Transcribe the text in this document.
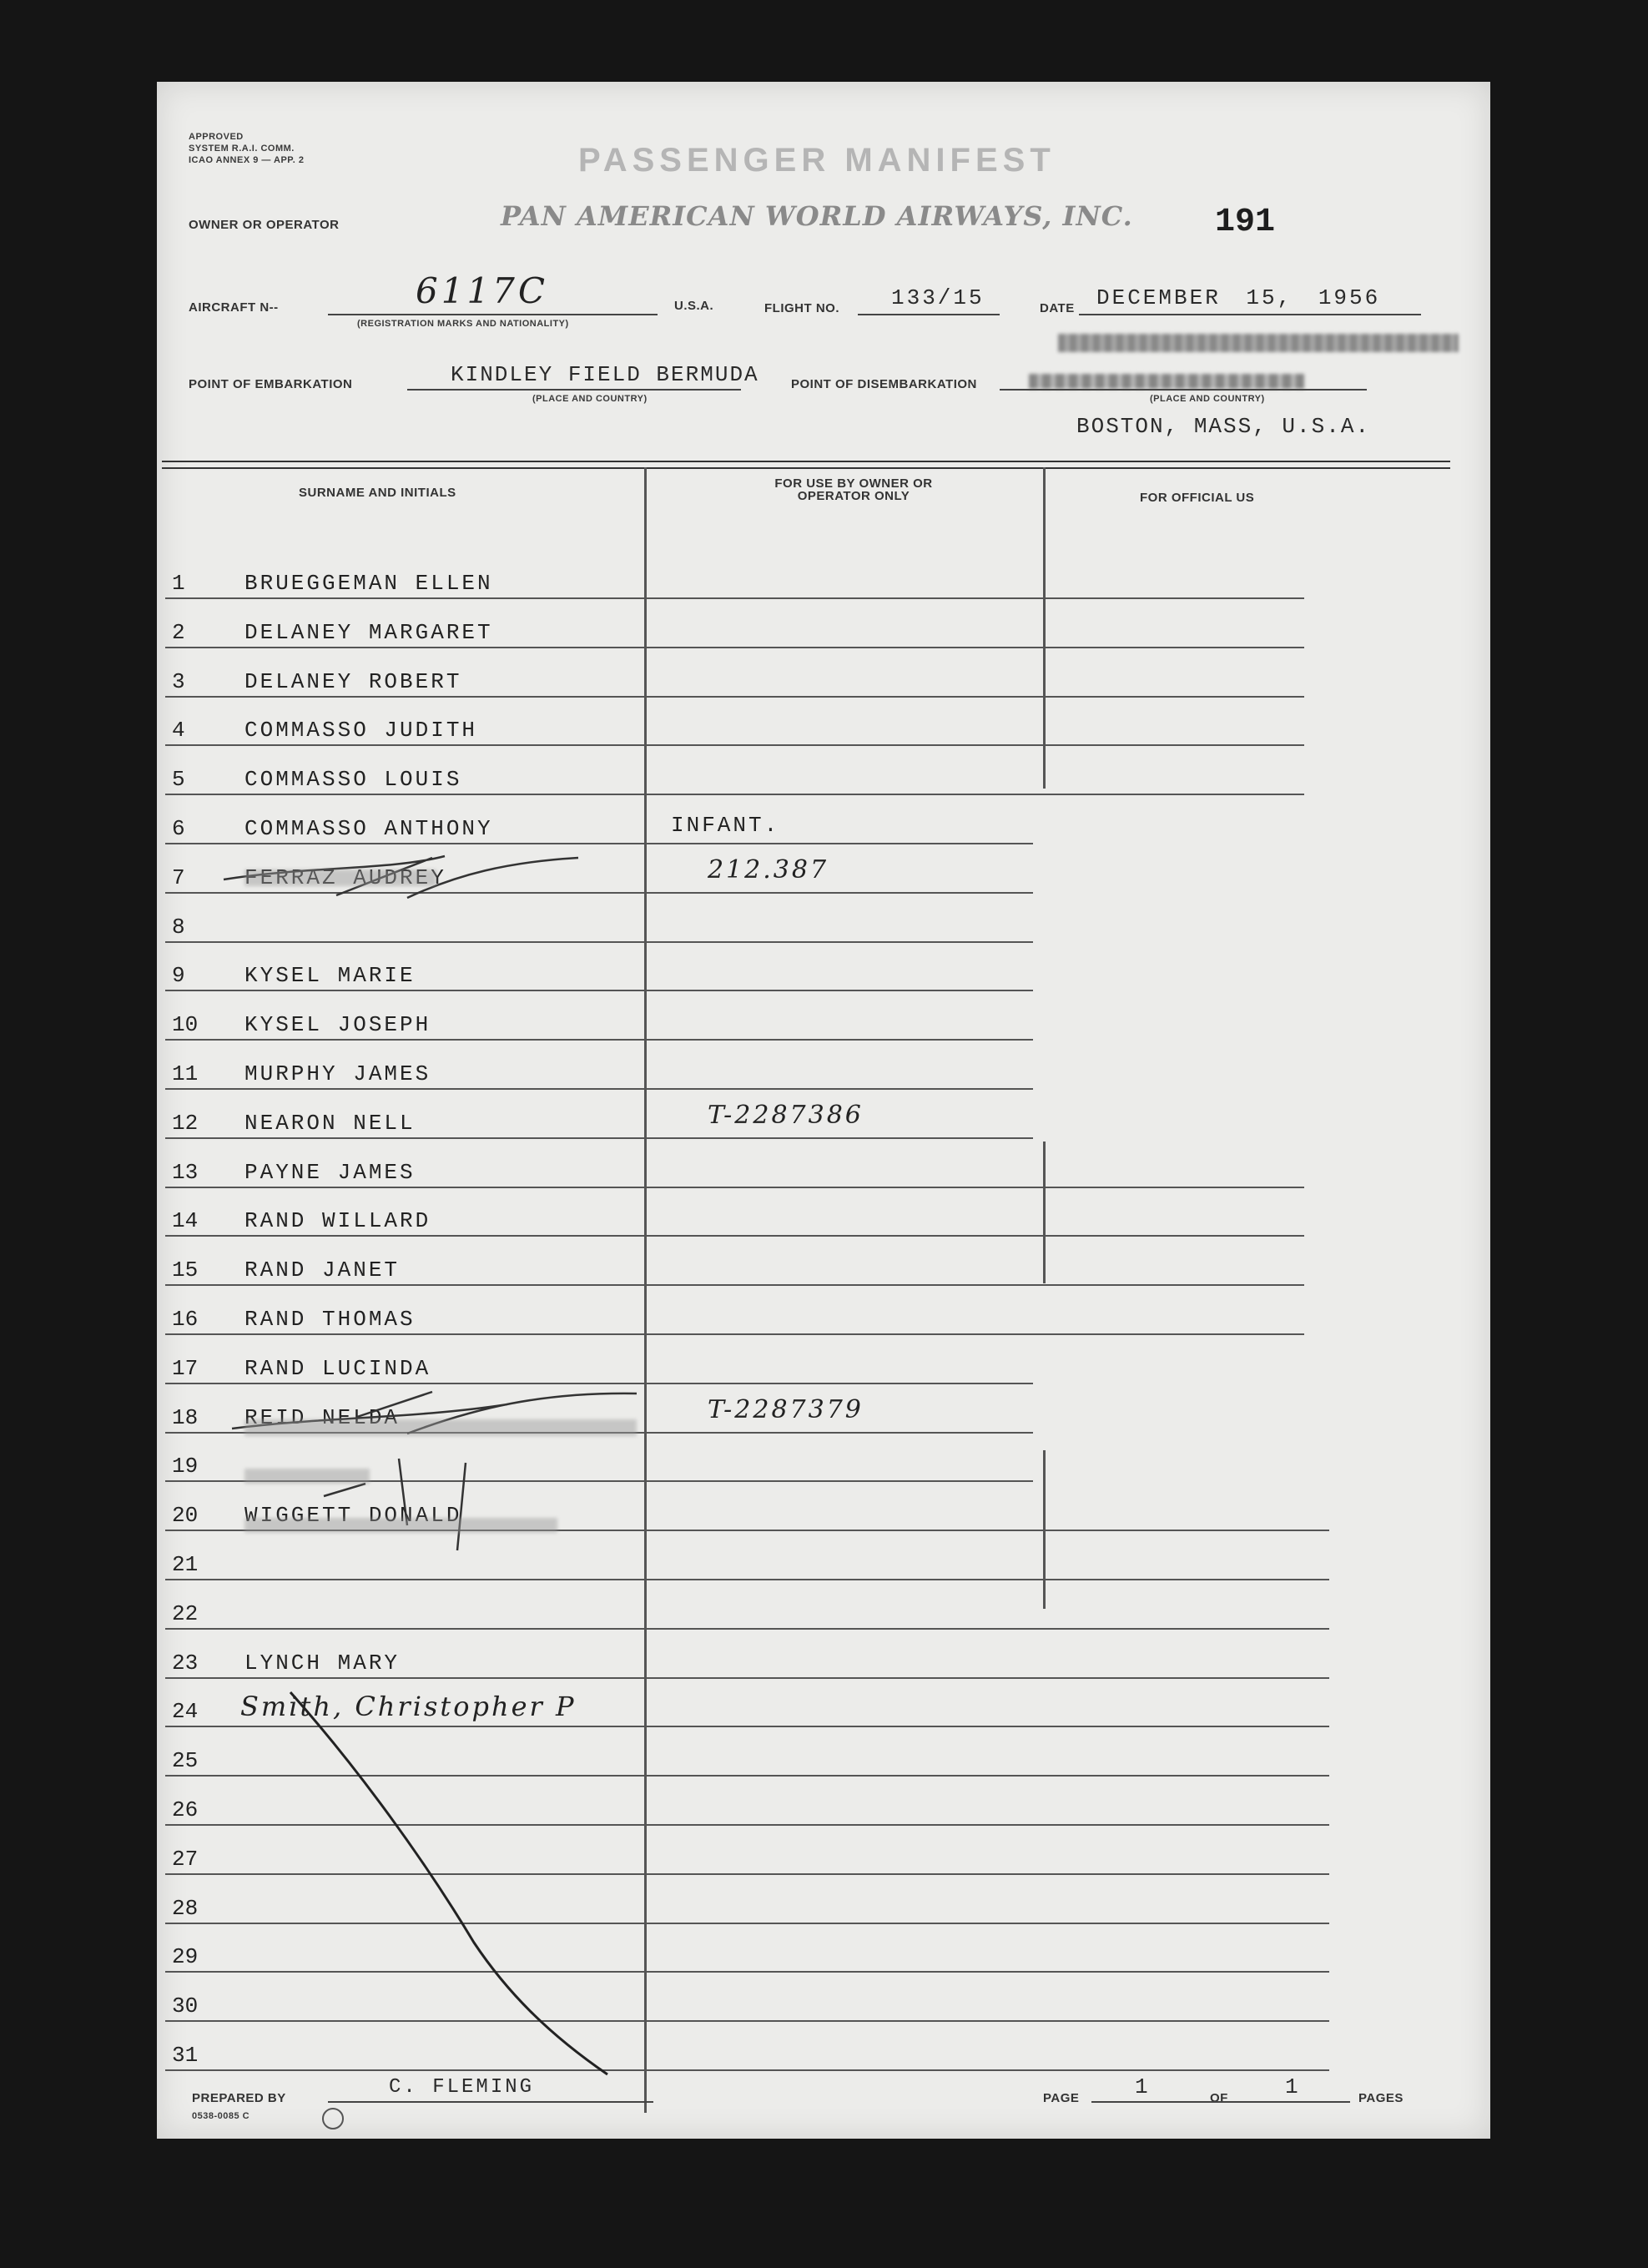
APPROVED
SYSTEM R.A.I. COMM.
ICAO ANNEX 9 — APP. 2	PASSENGER MANIFEST
OWNER OR OPERATOR	PAN AMERICAN WORLD AIRWAYS, INC. 191
AIRCRAFT N--	6117C
(REGISTRATION MARKS AND NATIONALITY)
U.S.A.	FLIGHT NO. 133/15	DATE DECEMBER 15, 1956
POINT OF EMBARKATION	KINDLEY FIELD BERMUDA
(PLACE AND COUNTRY)
POINT OF DISEMBARKATION
(PLACE AND COUNTRY)
BOSTON, MASS, U.S.A.
SURNAME AND INITIALS
FOR USE BY OWNER OR OPERATOR ONLY	FOR OFFICIAL US
1	BRUEGGEMAN ELLEN
2	DELANEY MARGARET
3	DELANEY ROBERT
4	COMMASSO JUDITH
5	COMMASSO LOUIS
6	COMMASSO ANTHONY	INFANT.
7	FERRAZ AUDREY	212.387
8
9	KYSEL MARIE
10 KYSEL JOSEPH
11 MURPHY JAMES
12 NEARON NELL	T-2287386
13 PAYNE JAMES
14 RAND WILLARD
15 RAND JANET
16 RAND THOMAS
17 RAND LUCINDA
18 REID NELDA	T-2287379
19
20 WIGGETT DONALD
21
22
23 LYNCH MARY
24 Smith, Christopher P
25
26
27
28
29
30
31
PREPARED BY	C. FLEMING
0538-0085 C
PAGE	1	OF	1	PAGES
